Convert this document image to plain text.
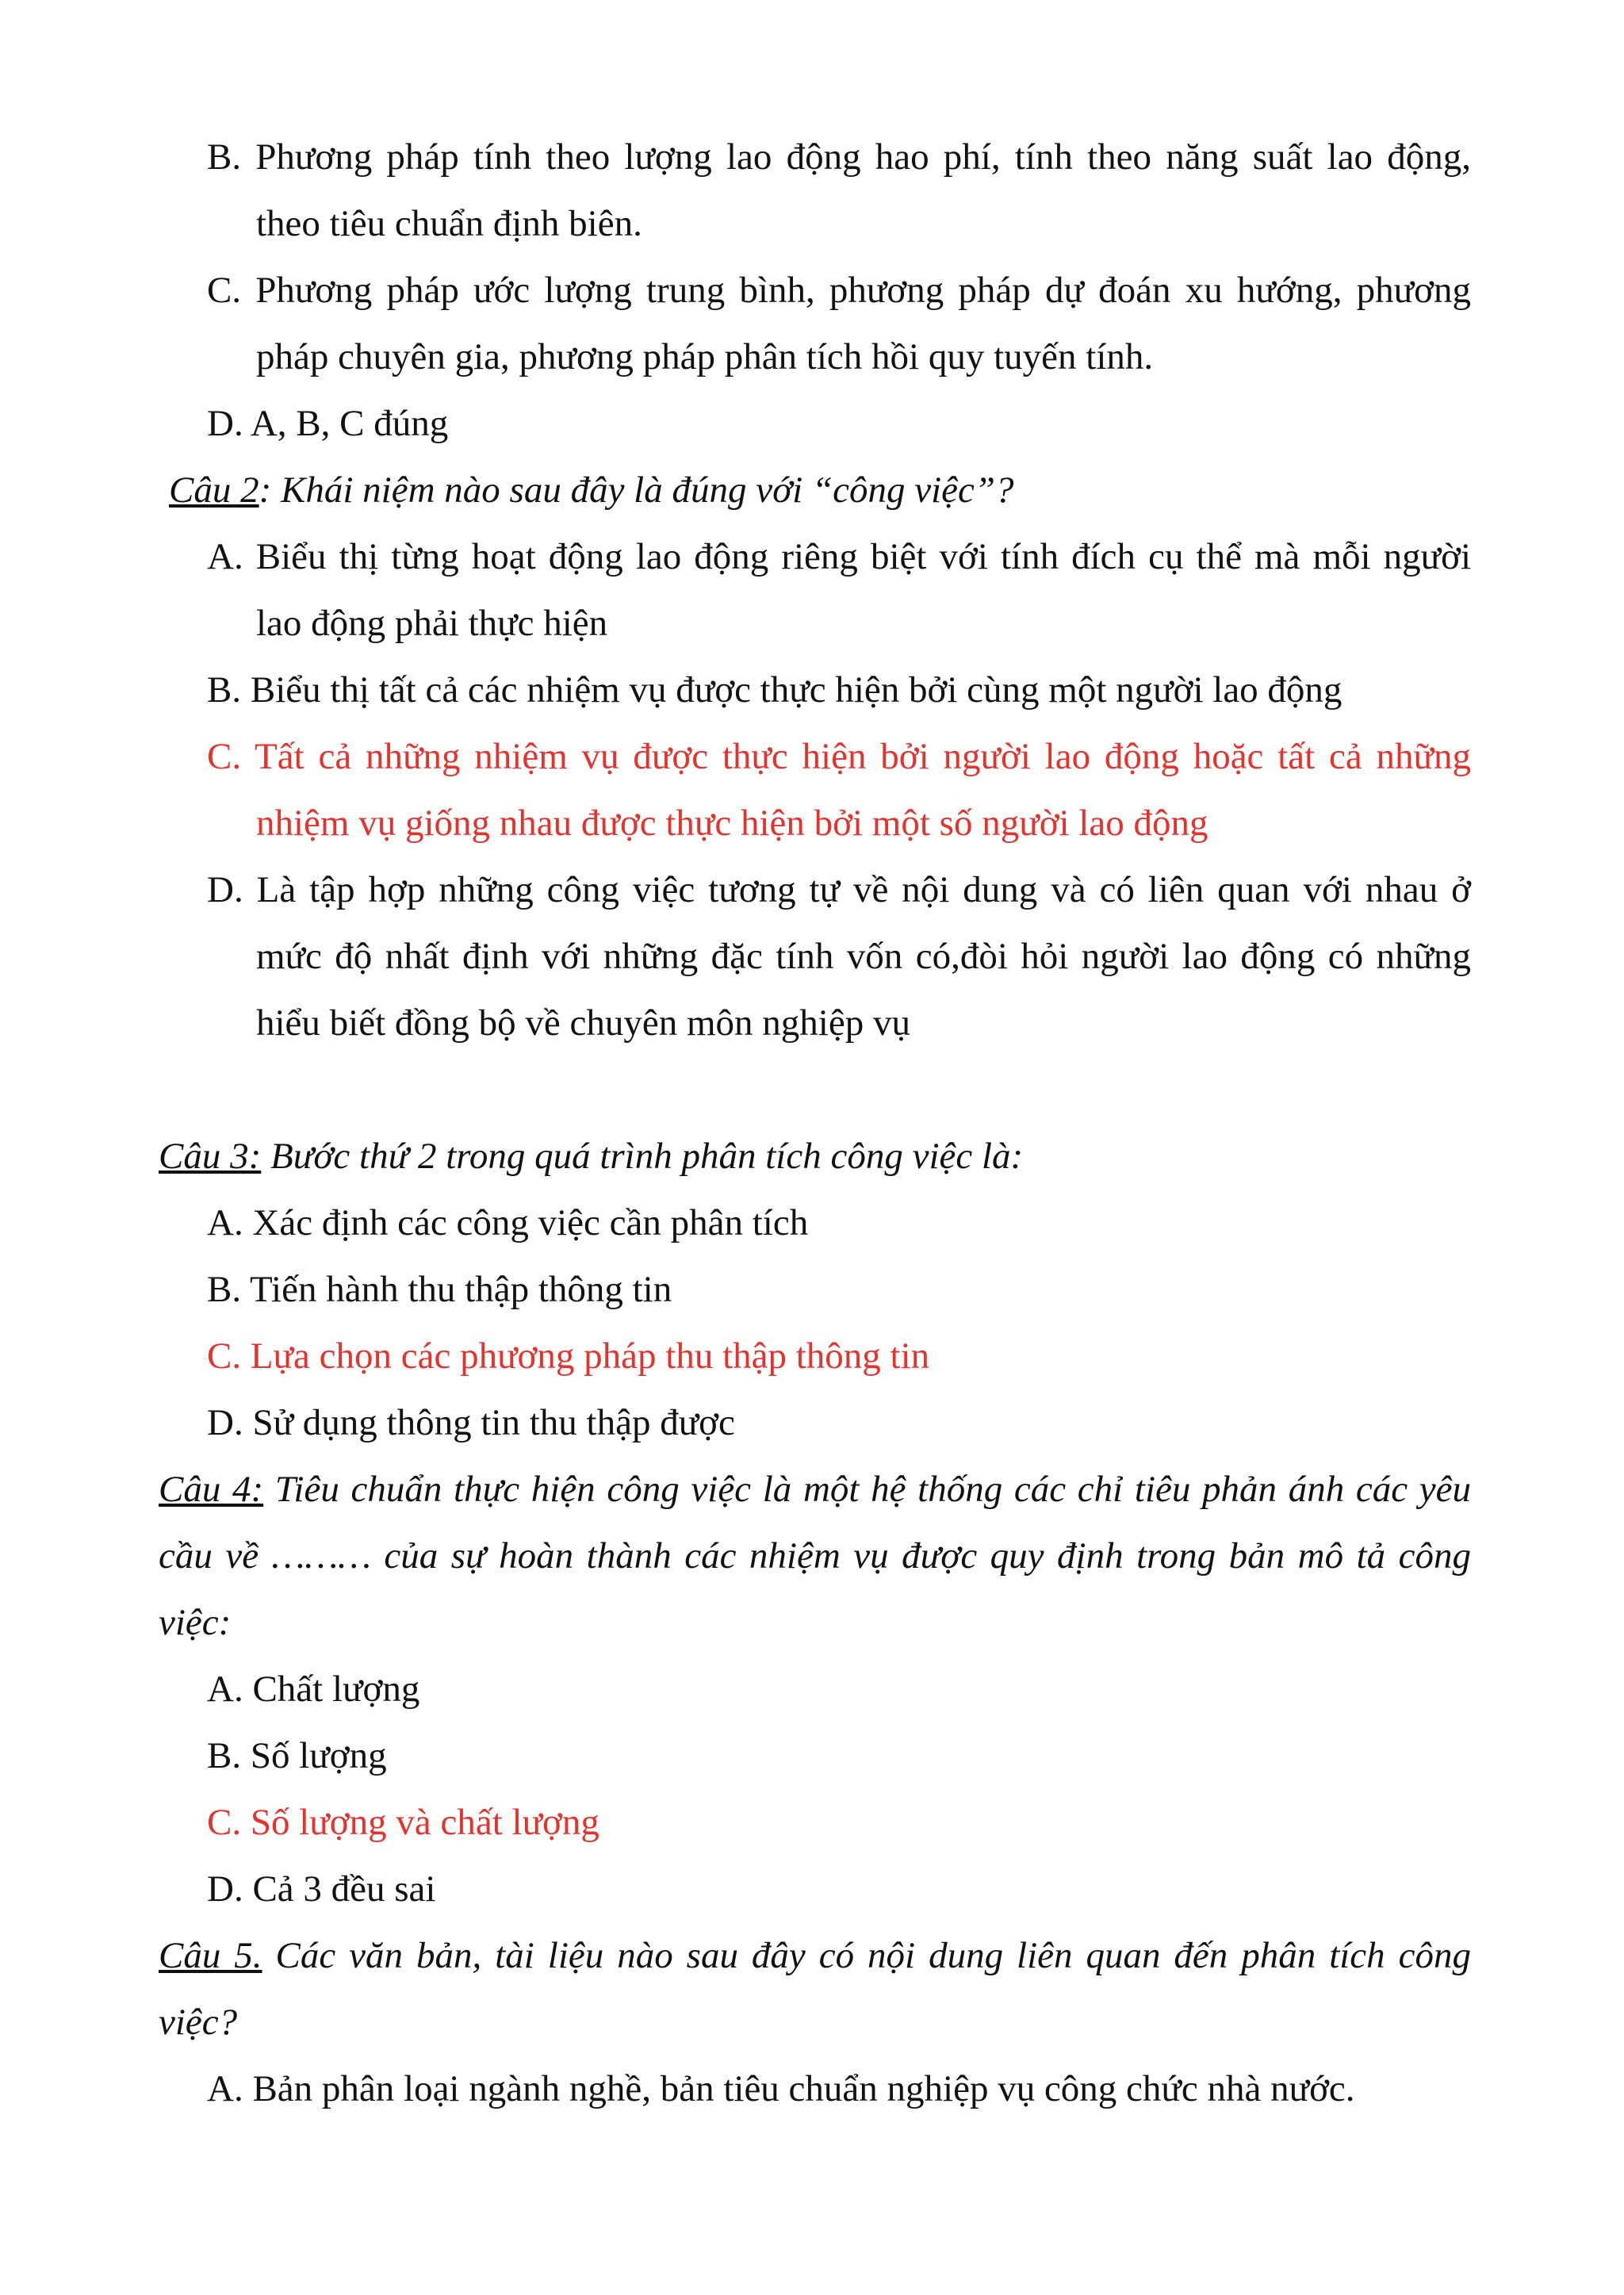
B. Phương pháp tính theo lượng lao động hao phí, tính theo năng suất lao động,
theo tiêu chuẩn định biên.
C. Phương pháp ước lượng trung bình, phương pháp dự đoán xu hướng, phương
pháp chuyên gia, phương pháp phân tích hồi quy tuyến tính.
D. A, B, C đúng
Câu 2: Khái niệm nào sau đây là đúng với “công việc”?
A. Biểu thị từng hoạt động lao động riêng biệt với tính đích cụ thể mà mỗi người
lao động phải thực hiện
B. Biểu thị tất cả các nhiệm vụ được thực hiện bởi cùng một người lao động
C. Tất cả những nhiệm vụ được thực hiện bởi người lao động hoặc tất cả những
nhiệm vụ giống nhau được thực hiện bởi một số người lao động
D. Là tập hợp những công việc tương tự về nội dung và có liên quan với nhau ở
mức độ nhất định với những đặc tính vốn có,đòi hỏi người lao động có những
hiểu biết đồng bộ về chuyên môn nghiệp vụ
Câu 3: Bước thứ 2 trong quá trình phân tích công việc là:
A. Xác định các công việc cần phân tích
B. Tiến hành thu thập thông tin
C. Lựa chọn các phương pháp thu thập thông tin
D. Sử dụng thông tin thu thập được
Câu 4: Tiêu chuẩn thực hiện công việc là một hệ thống các chỉ tiêu phản ánh các yêu
cầu về ……… của sự hoàn thành các nhiệm vụ được quy định trong bản mô tả công
việc:
A. Chất lượng
B. Số lượng
C. Số lượng và chất lượng
D. Cả 3 đều sai
Câu 5. Các văn bản, tài liệu nào sau đây có nội dung liên quan đến phân tích công
việc?
A. Bản phân loại ngành nghề, bản tiêu chuẩn nghiệp vụ công chức nhà nước.
